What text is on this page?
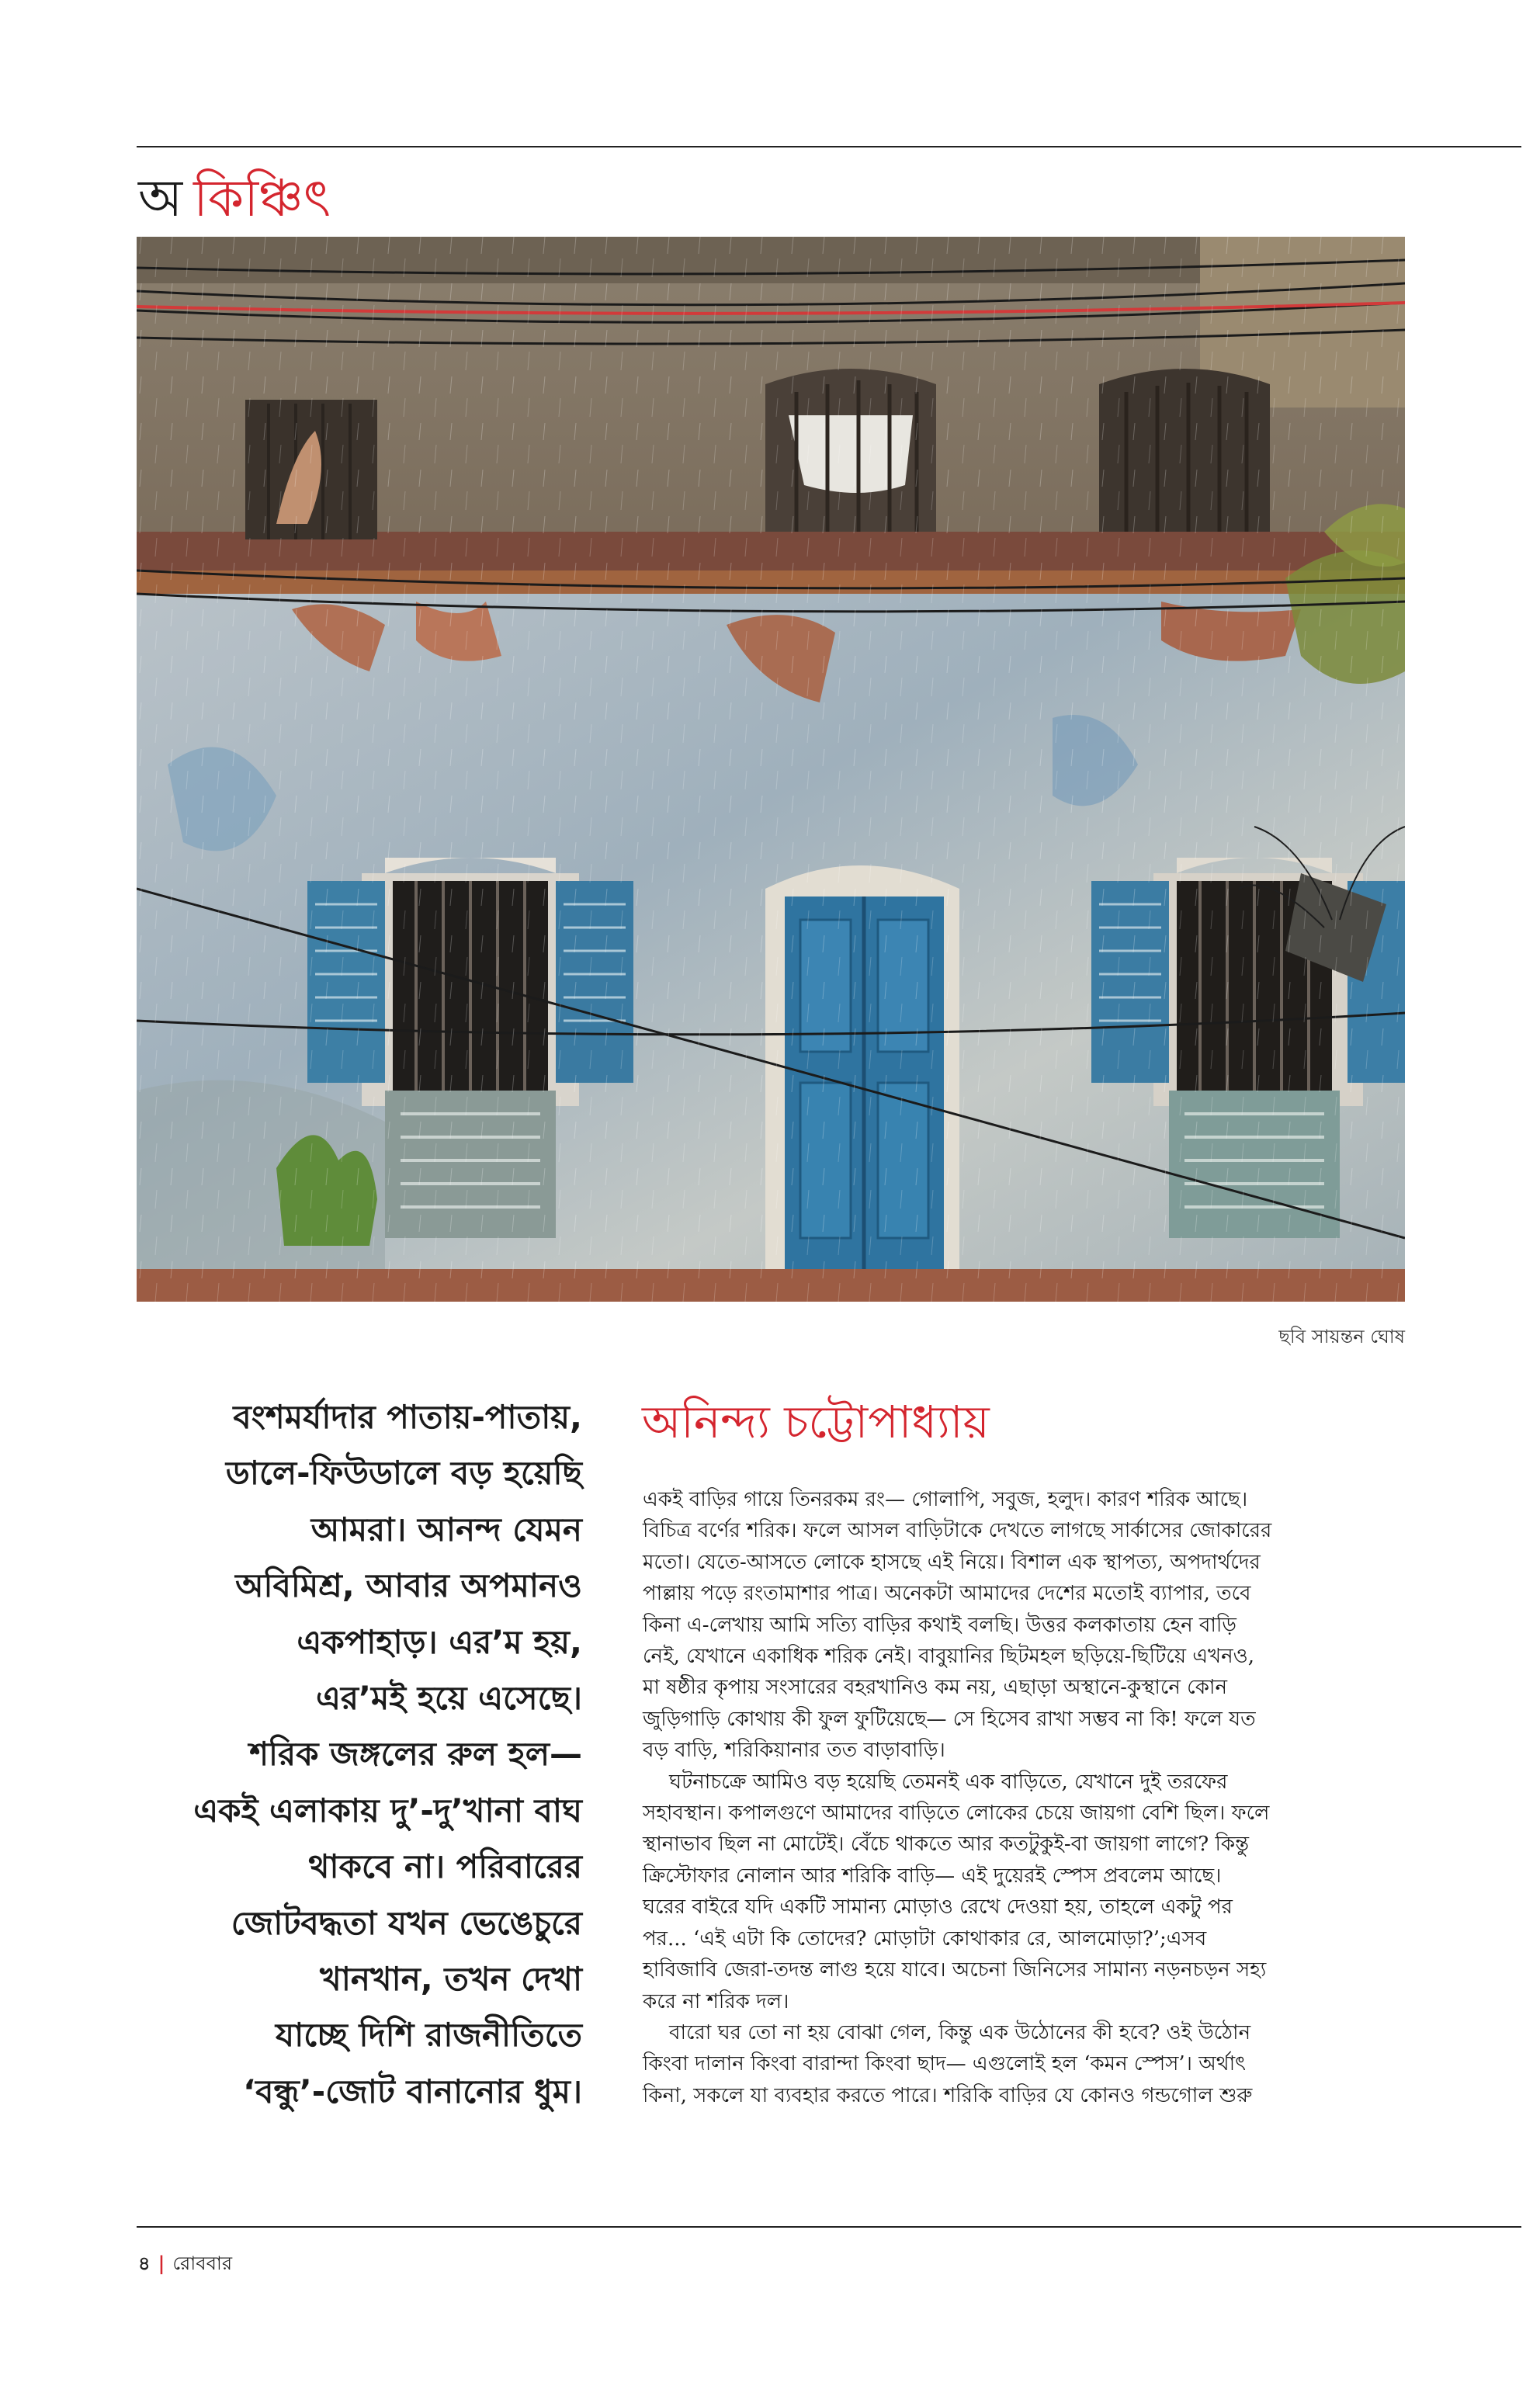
অ কিঞ্চিৎ
ছবি সায়ন্তন ঘোষ
বংশমর্যাদার পাতায়-পাতায়,
ডালে-ফিউডালে বড় হয়েছি
আমরা। আনন্দ যেমন
অবিমিশ্র, আবার অপমানও
একপাহাড়। এর’ম হয়,
এর’মই হয়ে এসেছে।
শরিক জঙ্গলের রুল হল—
একই এলাকায় দু’-দু’খানা বাঘ
থাকবে না। পরিবারের
জোটবদ্ধতা যখন ভেঙেচুরে
খানখান, তখন দেখা
যাচ্ছে দিশি রাজনীতিতে
‘বন্ধু’-জোট বানানোর ধুম।
অনিন্দ্য চট্টোপাধ্যায়
একই বাড়ির গায়ে তিনরকম রং— গোলাপি, সবুজ, হলুদ। কারণ শরিক আছে।
বিচিত্র বর্ণের শরিক। ফলে আসল বাড়িটাকে দেখতে লাগছে সার্কাসের জোকারের
মতো। যেতে-আসতে লোকে হাসছে এই নিয়ে। বিশাল এক স্থাপত্য, অপদার্থদের
পাল্লায় পড়ে রংতামাশার পাত্র। অনেকটা আমাদের দেশের মতোই ব্যাপার, তবে
কিনা এ-লেখায় আমি সত্যি বাড়ির কথাই বলছি। উত্তর কলকাতায় হেন বাড়ি
নেই, যেখানে একাধিক শরিক নেই। বাবুয়ানির ছিটমহল ছড়িয়ে-ছিটিয়ে এখনও,
মা ষষ্ঠীর কৃপায় সংসারের বহরখানিও কম নয়, এছাড়া অস্থানে-কুস্থানে কোন
জুড়িগাড়ি কোথায় কী ফুল ফুটিয়েছে— সে হিসেব রাখা সম্ভব না কি! ফলে যত
বড় বাড়ি, শরিকিয়ানার তত বাড়াবাড়ি।
ঘটনাচক্রে আমিও বড় হয়েছি তেমনই এক বাড়িতে, যেখানে দুই তরফের
সহাবস্থান। কপালগুণে আমাদের বাড়িতে লোকের চেয়ে জায়গা বেশি ছিল। ফলে
স্থানাভাব ছিল না মোটেই। বেঁচে থাকতে আর কতটুকুই-বা জায়গা লাগে? কিন্তু
ক্রিস্টোফার নোলান আর শরিকি বাড়ি— এই দুয়েরই স্পেস প্রবলেম আছে।
ঘরের বাইরে যদি একটি সামান্য মোড়াও রেখে দেওয়া হয়, তাহলে একটু পর
পর... ‘এই এটা কি তোদের? মোড়াটা কোথাকার রে, আলমোড়া?’;এসব
হাবিজাবি জেরা-তদন্ত লাগু হয়ে যাবে। অচেনা জিনিসের সামান্য নড়নচড়ন সহ্য
করে না শরিক দল।
বারো ঘর তো না হয় বোঝা গেল, কিন্তু এক উঠোনের কী হবে? ওই উঠোন
কিংবা দালান কিংবা বারান্দা কিংবা ছাদ— এগুলোই হল ‘কমন স্পেস’। অর্থাৎ
কিনা, সকলে যা ব্যবহার করতে পারে। শরিকি বাড়ির যে কোনও গন্ডগোল শুরু
৪ | রোববার
